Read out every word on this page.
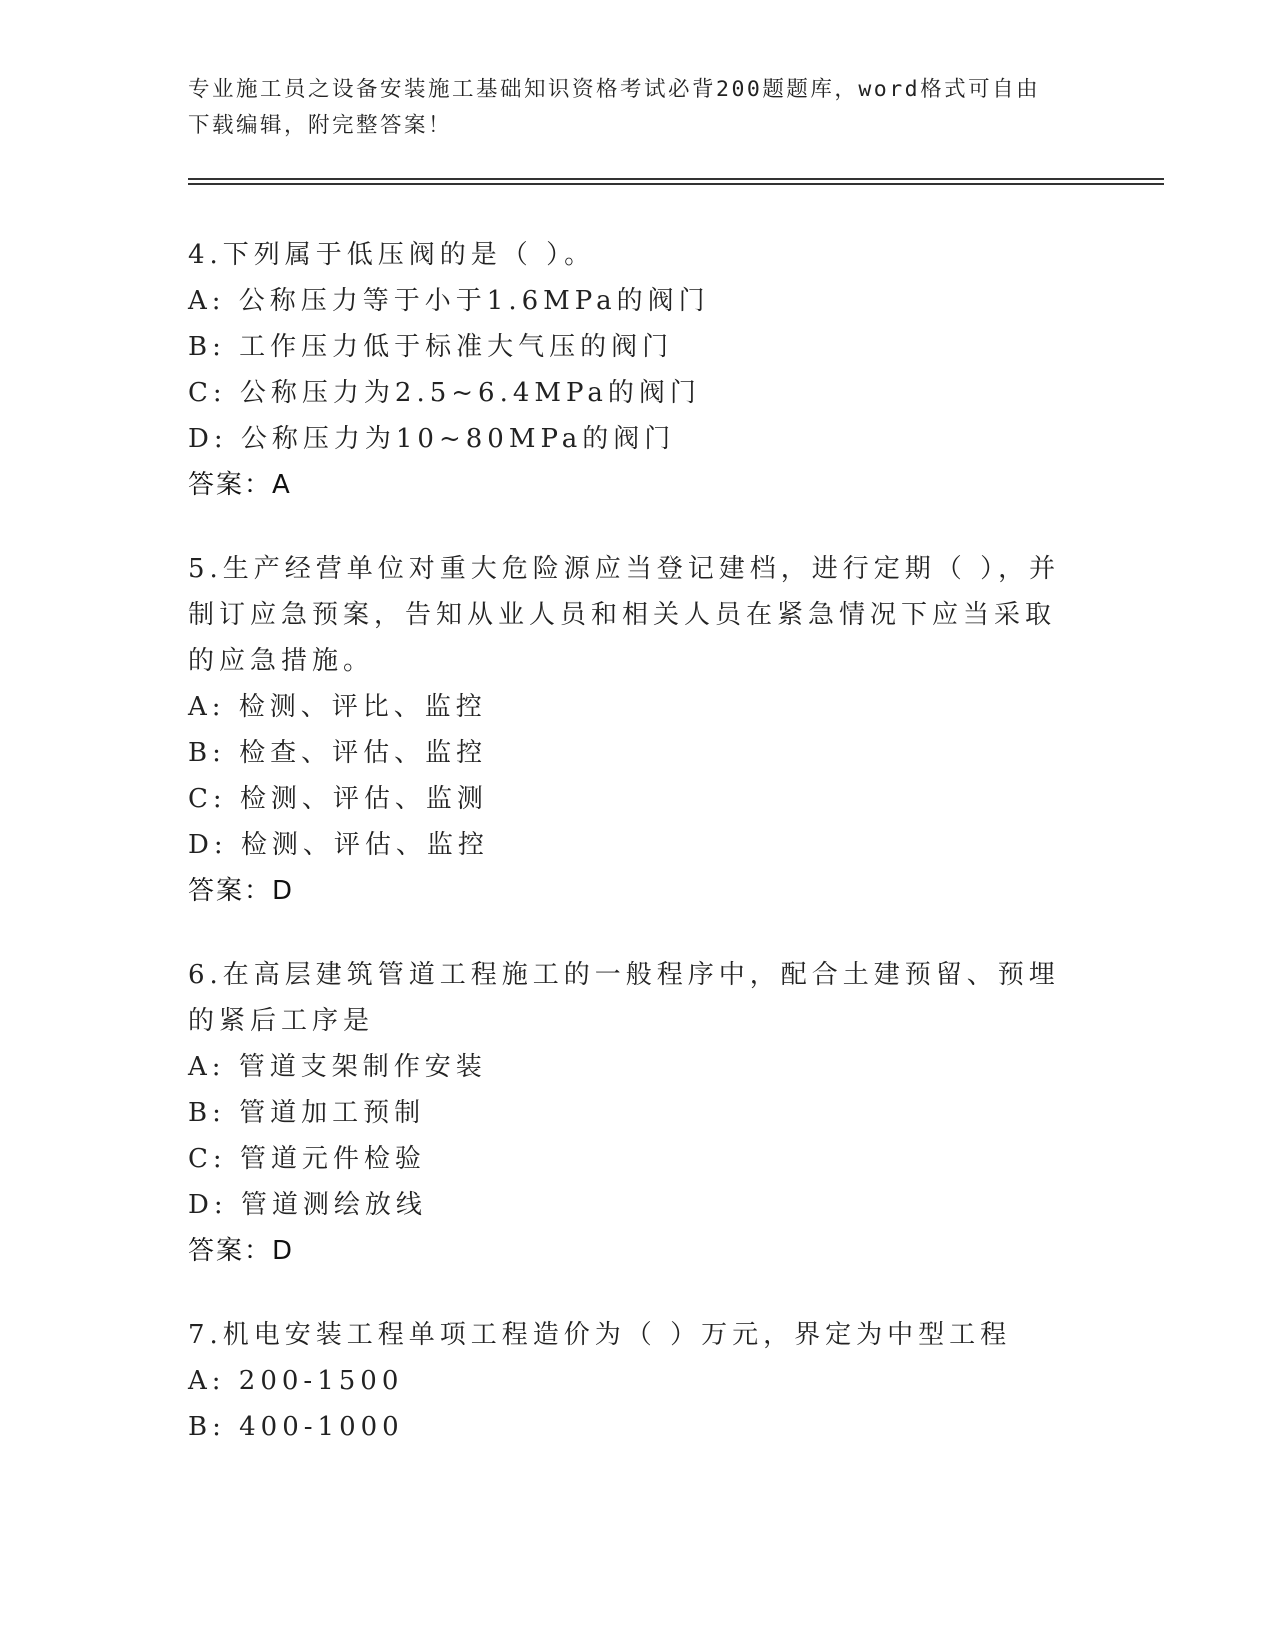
专业施工员之设备安装施工基础知识资格考试必背200题题库，word格式可自由
下载编辑，附完整答案！
4.下列属于低压阀的是（ ）。
A: 公称压力等于小于1.6MPa的阀门
B: 工作压力低于标准大气压的阀门
C: 公称压力为2.5~6.4MPa的阀门
D: 公称压力为10~80MPa的阀门
答案：A
5.生产经营单位对重大危险源应当登记建档，进行定期（ ），并制订应急预案，告知从业人员和相关人员在紧急情况下应当采取的应急措施。
A: 检测、评比、监控
B: 检查、评估、监控
C: 检测、评估、监测
D: 检测、评估、监控
答案：D
6.在高层建筑管道工程施工的一般程序中，配合土建预留、预埋的紧后工序是
A: 管道支架制作安装
B: 管道加工预制
C: 管道元件检验
D: 管道测绘放线
答案：D
7.机电安装工程单项工程造价为（ ）万元，界定为中型工程
A: 200-1500
B: 400-1000
